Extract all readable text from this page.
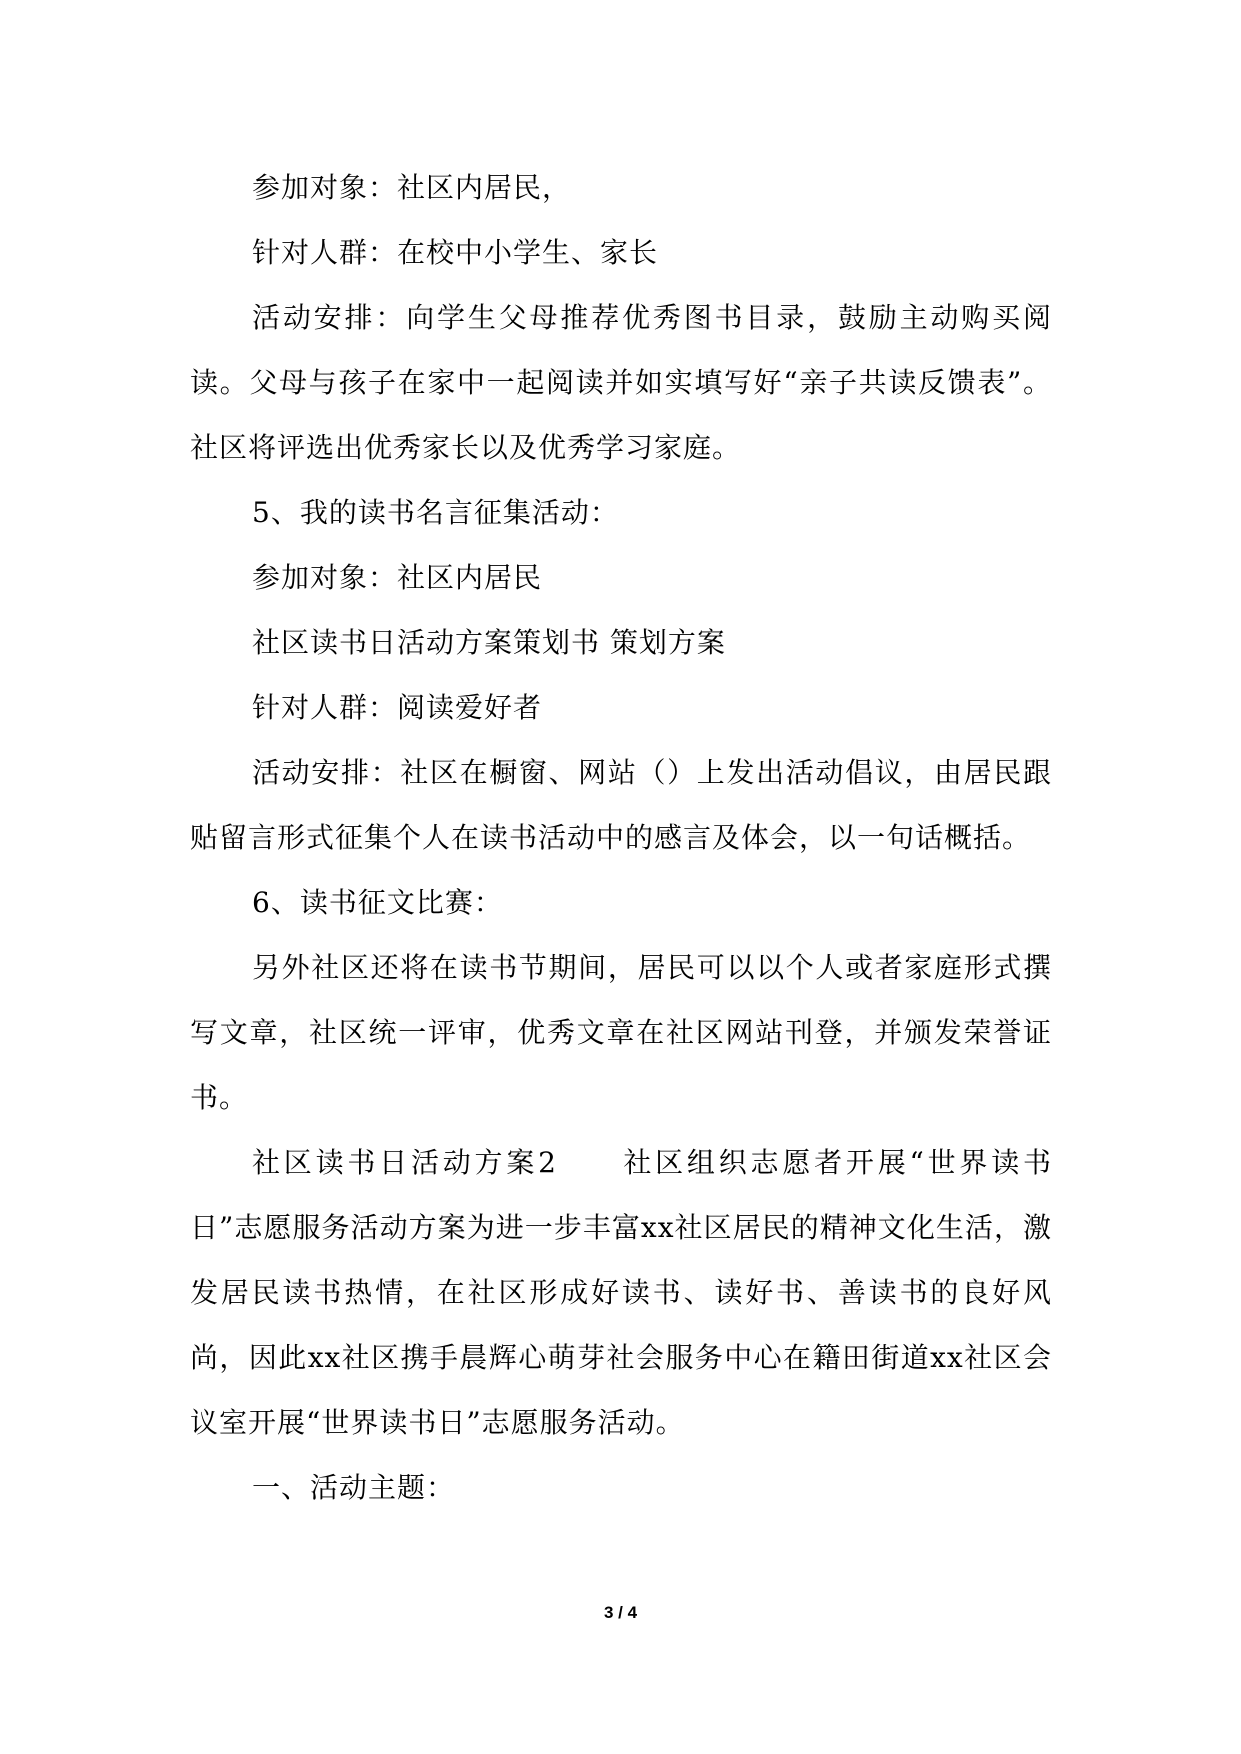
参加对象：社区内居民，

针对人群：在校中小学生、家长

活动安排：向学生父母推荐优秀图书目录，鼓励主动购买阅读。父母与孩子在家中一起阅读并如实填写好“亲子共读反馈表”。社区将评选出优秀家长以及优秀学习家庭。

5、我的读书名言征集活动：

参加对象：社区内居民

社区读书日活动方案策划书 策划方案

针对人群：阅读爱好者

活动安排：社区在橱窗、网站（）上发出活动倡议，由居民跟贴留言形式征集个人在读书活动中的感言及体会，以一句话概括。

6、读书征文比赛：

另外社区还将在读书节期间，居民可以以个人或者家庭形式撰写文章，社区统一评审，优秀文章在社区网站刊登，并颁发荣誉证书。

社区读书日活动方案2　　社区组织志愿者开展“世界读书日”志愿服务活动方案为进一步丰富xx社区居民的精神文化生活，激发居民读书热情，在社区形成好读书、读好书、善读书的良好风尚，因此xx社区携手晨辉心萌芽社会服务中心在籍田街道xx社区会议室开展“世界读书日”志愿服务活动。

一、活动主题：

3 / 4
